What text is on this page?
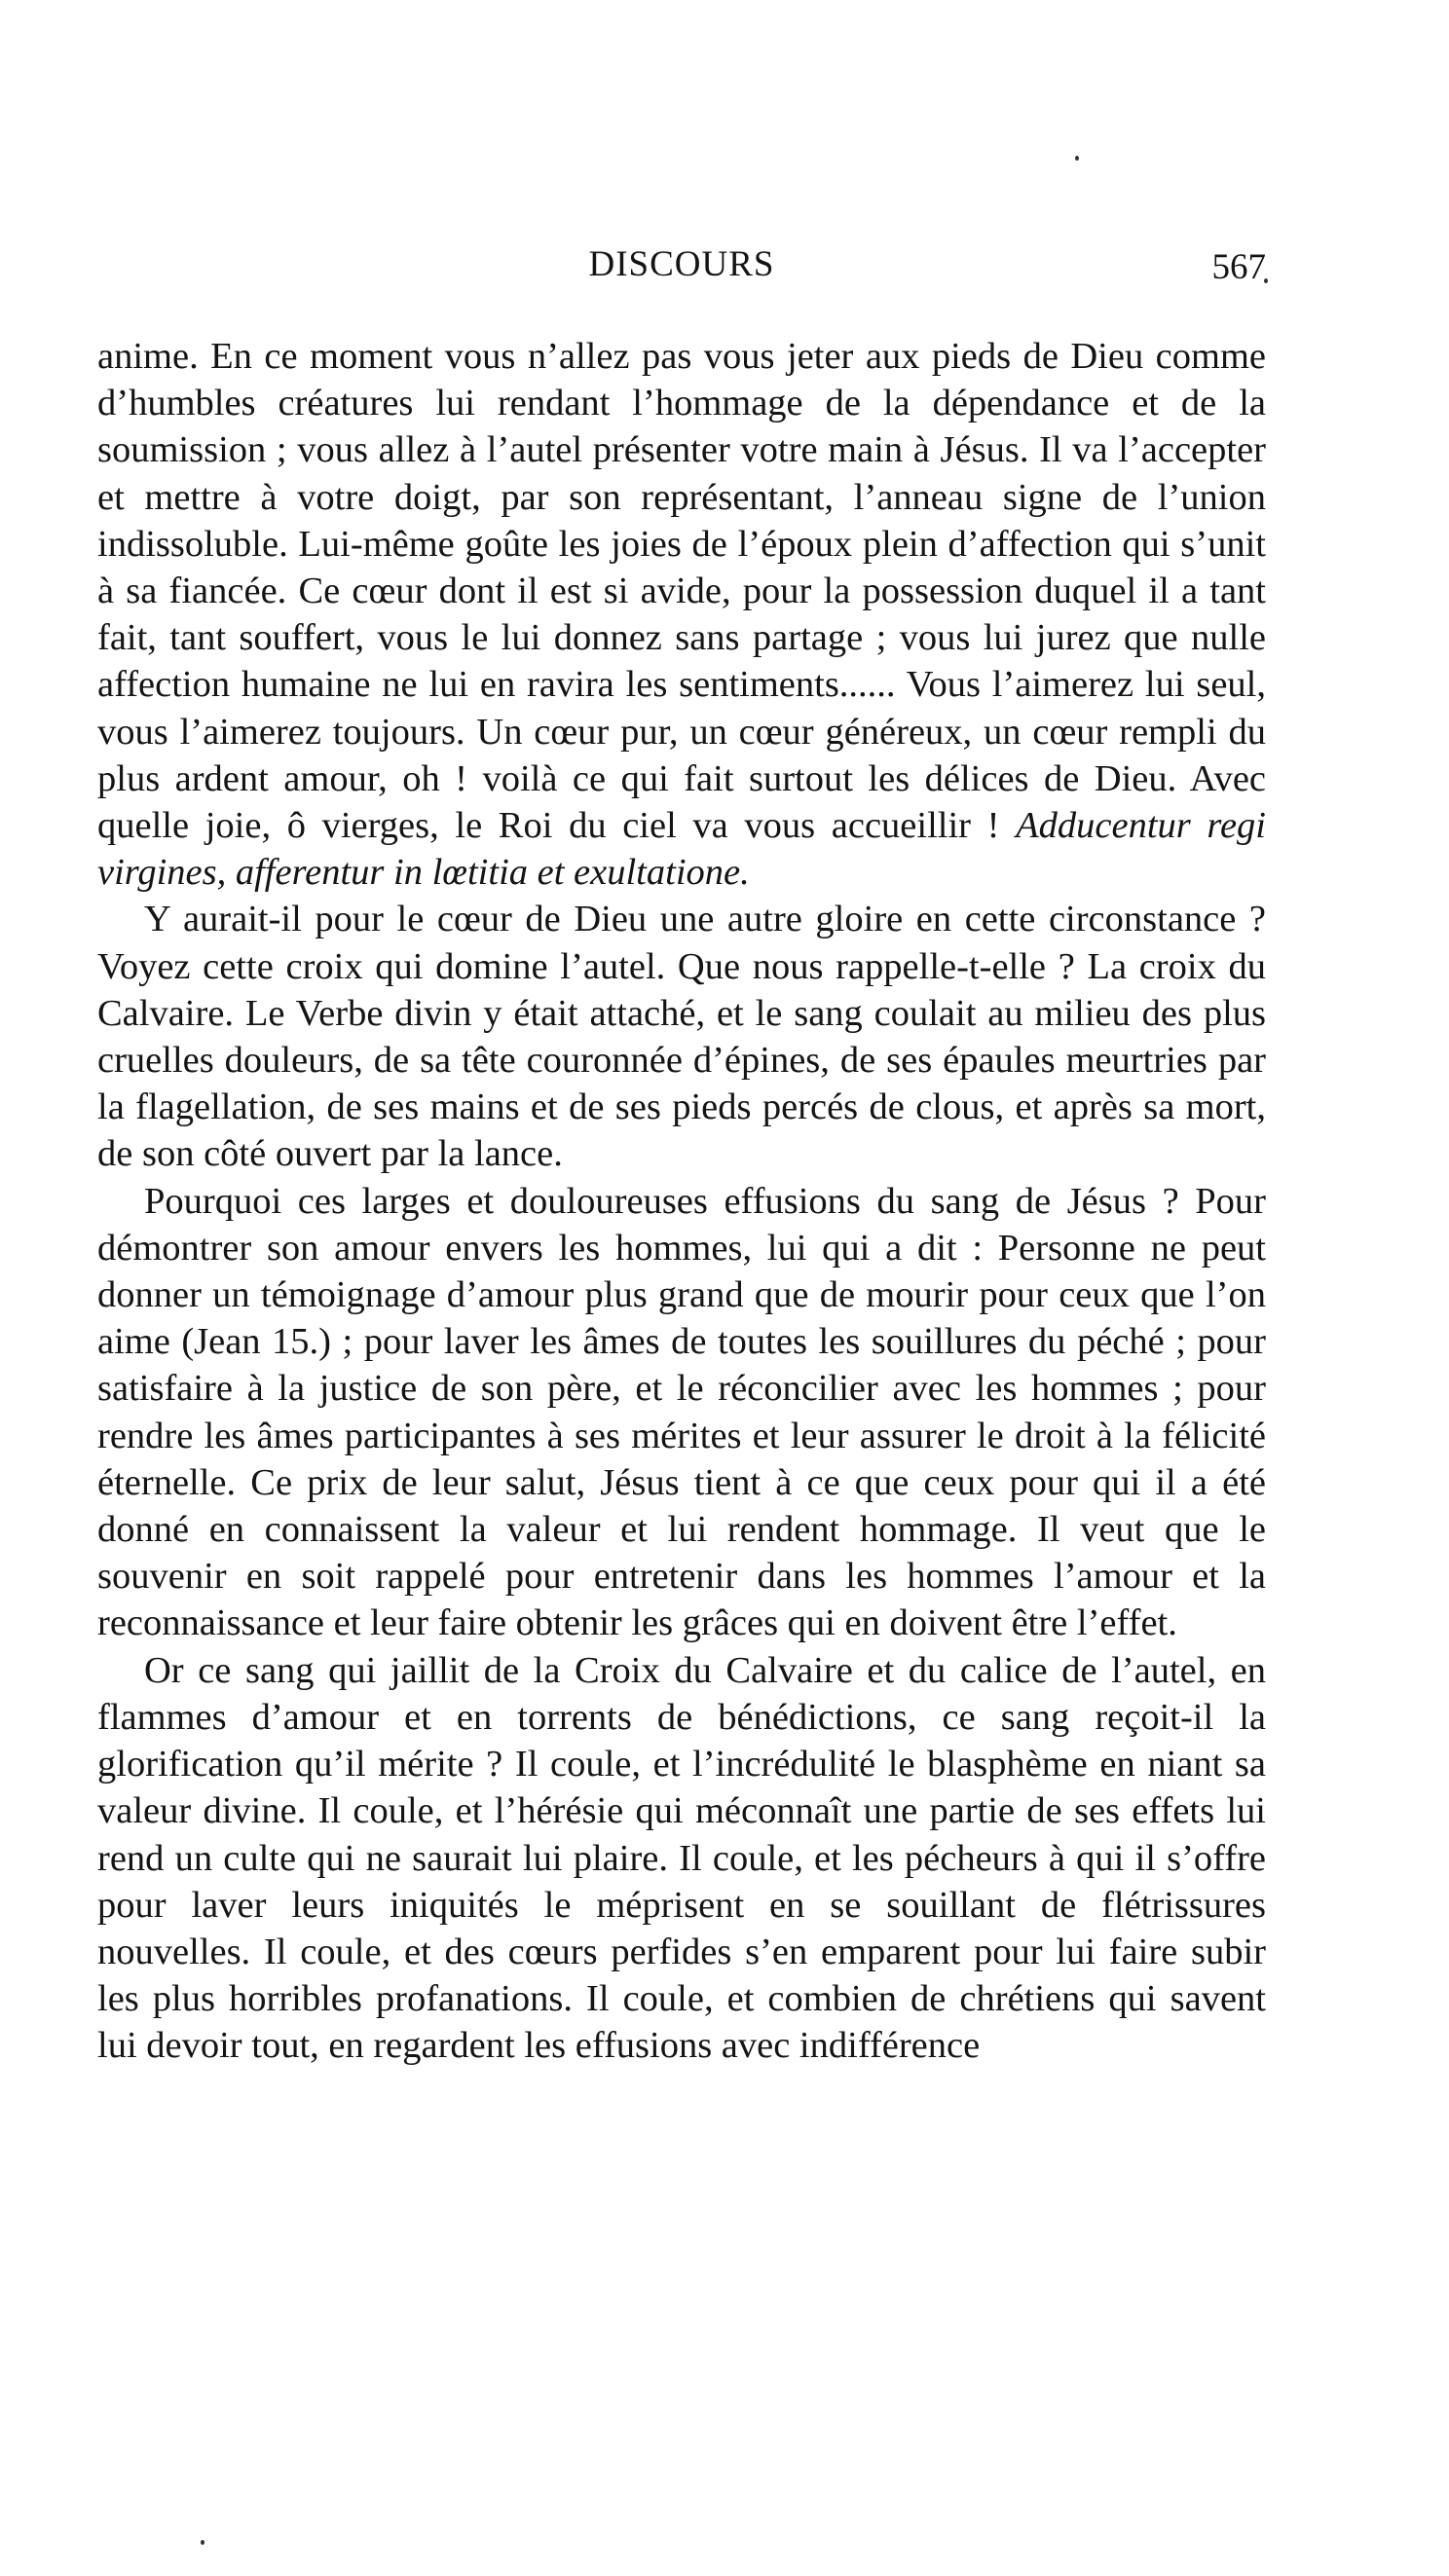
DISCOURS	567

anime. En ce moment vous n’allez pas vous jeter aux pieds de Dieu comme d’humbles créatures lui rendant l’hommage de la dépendance et de la soumission ; vous allez à l’autel présenter votre main à Jésus. Il va l’accepter et mettre à votre doigt, par son représentant, l’anneau signe de l’union indissoluble. Lui-même goûte les joies de l’époux plein d’affection qui s’unit à sa fiancée. Ce cœur dont il est si avide, pour la possession duquel il a tant fait, tant souffert, vous le lui donnez sans partage ; vous lui jurez que nulle affection humaine ne lui en ravira les sentiments...... Vous l’aimerez lui seul, vous l’aimerez toujours. Un cœur pur, un cœur généreux, un cœur rempli du plus ardent amour, oh ! voilà ce qui fait surtout les délices de Dieu. Avec quelle joie, ô vierges, le Roi du ciel va vous accueillir ! Adducentur regi virgines, afferentur in lœtitia et exultatione.

Y aurait-il pour le cœur de Dieu une autre gloire en cette circonstance ? Voyez cette croix qui domine l’autel. Que nous rappelle-t-elle ? La croix du Calvaire. Le Verbe divin y était attaché, et le sang coulait au milieu des plus cruelles douleurs, de sa tête couronnée d’épines, de ses épaules meurtries par la flagellation, de ses mains et de ses pieds percés de clous, et après sa mort, de son côté ouvert par la lance.

Pourquoi ces larges et douloureuses effusions du sang de Jésus ? Pour démontrer son amour envers les hommes, lui qui a dit : Personne ne peut donner un témoignage d’amour plus grand que de mourir pour ceux que l’on aime (Jean 15.) ; pour laver les âmes de toutes les souillures du péché ; pour satisfaire à la justice de son père, et le réconcilier avec les hommes ; pour rendre les âmes participantes à ses mérites et leur assurer le droit à la félicité éternelle. Ce prix de leur salut, Jésus tient à ce que ceux pour qui il a été donné en connaissent la valeur et lui rendent hommage. Il veut que le souvenir en soit rappelé pour entretenir dans les hommes l’amour et la reconnaissance et leur faire obtenir les grâces qui en doivent être l’effet.

Or ce sang qui jaillit de la Croix du Calvaire et du calice de l’autel, en flammes d’amour et en torrents de bénédictions, ce sang reçoit-il la glorification qu’il mérite ? Il coule, et l’incrédulité le blasphème en niant sa valeur divine. Il coule, et l’hérésie qui méconnaît une partie de ses effets lui rend un culte qui ne saurait lui plaire. Il coule, et les pécheurs à qui il s’offre pour laver leurs iniquités le méprisent en se souillant de flétrissures nouvelles. Il coule, et des cœurs perfides s’en emparent pour lui faire subir les plus horribles profanations. Il coule, et combien de chrétiens qui savent lui devoir tout, en regardent les effusions avec indifférence
